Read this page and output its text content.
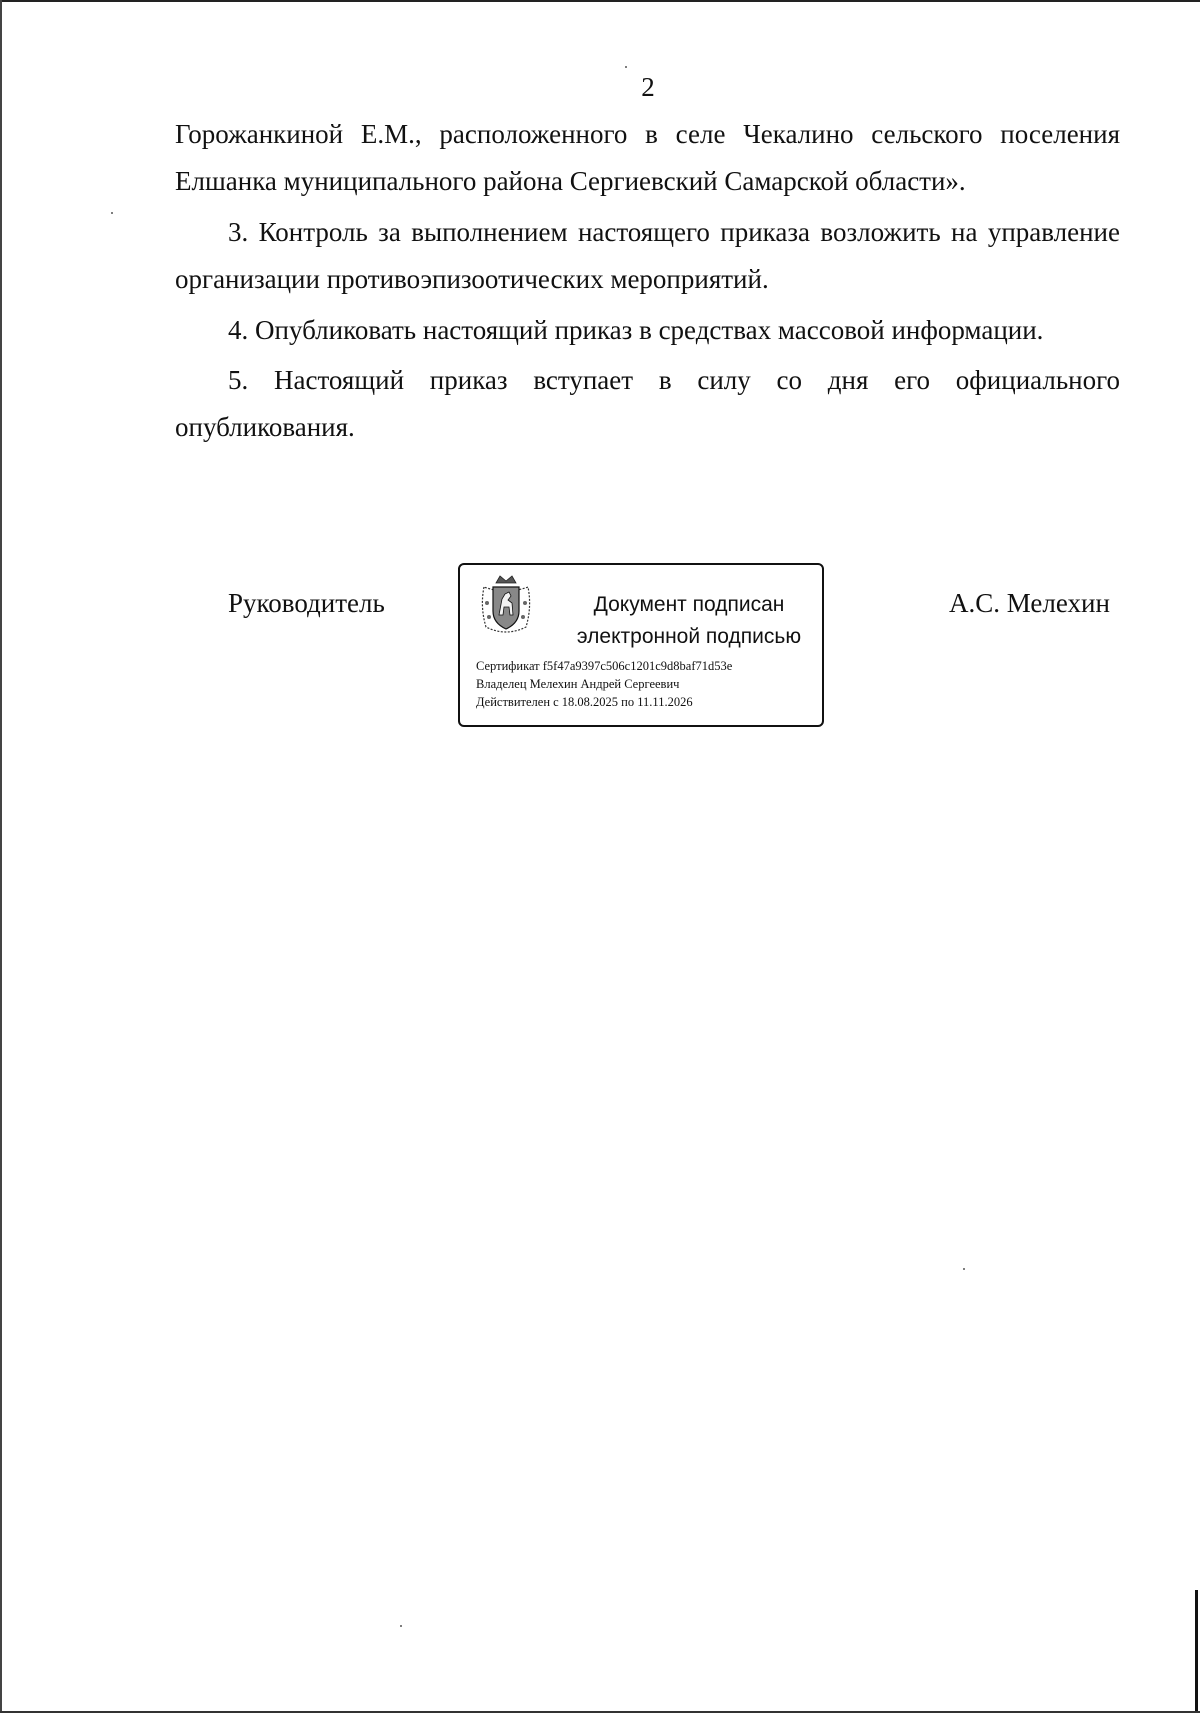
2

Горожанкиной Е.М., расположенного в селе Чекалино сельского поселения Елшанка муниципального района Сергиевский Самарской области».

3. Контроль за выполнением настоящего приказа возложить на управление организации противоэпизоотических мероприятий.

4. Опубликовать настоящий приказ в средствах массовой информации.

5. Настоящий приказ вступает в силу со дня его официального опубликования.

Руководитель	Документ подписан
электронной подписью
Сертификат f5f47a9397c506c1201c9d8baf71d53e
Владелец Мелехин Андрей Сергеевич
Действителен с 18.08.2025 по 11.11.2026
А.С. Мелехин
